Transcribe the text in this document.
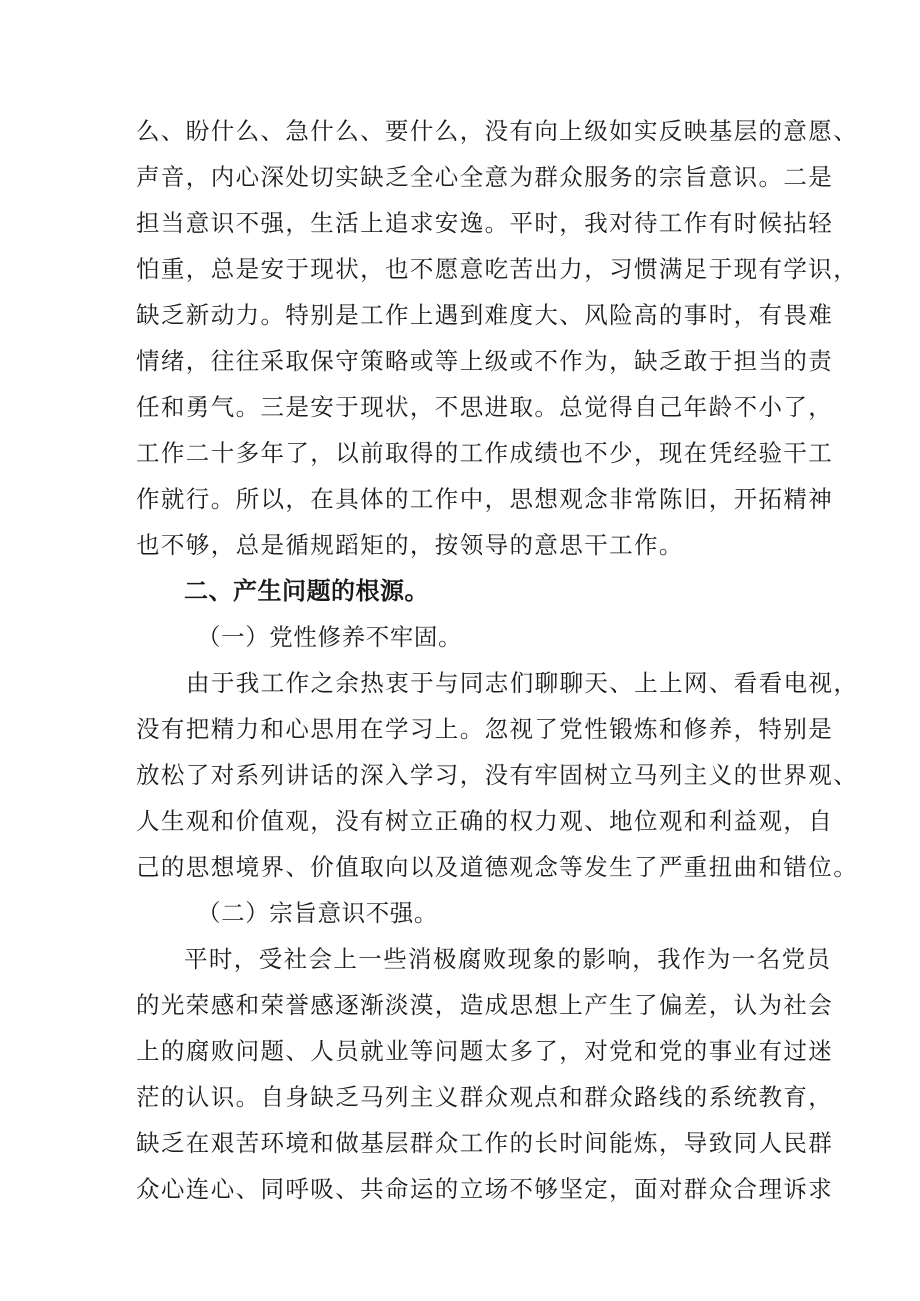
么、盼什么、急什么、要什么，没有向上级如实反映基层的意愿、
声音，内心深处切实缺乏全心全意为群众服务的宗旨意识。二是
担当意识不强，生活上追求安逸。平时，我对待工作有时候拈轻
怕重，总是安于现状，也不愿意吃苦出力，习惯满足于现有学识，
缺乏新动力。特别是工作上遇到难度大、风险高的事时，有畏难
情绪，往往采取保守策略或等上级或不作为，缺乏敢于担当的责
任和勇气。三是安于现状，不思进取。总觉得自己年龄不小了，
工作二十多年了，以前取得的工作成绩也不少，现在凭经验干工
作就行。所以，在具体的工作中，思想观念非常陈旧，开拓精神
也不够，总是循规蹈矩的，按领导的意思干工作。
二、产生问题的根源。
（一）党性修养不牢固。
由于我工作之余热衷于与同志们聊聊天、上上网、看看电视，
没有把精力和心思用在学习上。忽视了党性锻炼和修养，特别是
放松了对系列讲话的深入学习，没有牢固树立马列主义的世界观、
人生观和价值观，没有树立正确的权力观、地位观和利益观，自
己的思想境界、价值取向以及道德观念等发生了严重扭曲和错位。
（二）宗旨意识不强。
平时，受社会上一些消极腐败现象的影响，我作为一名党员
的光荣感和荣誉感逐渐淡漠，造成思想上产生了偏差，认为社会
上的腐败问题、人员就业等问题太多了，对党和党的事业有过迷
茫的认识。自身缺乏马列主义群众观点和群众路线的系统教育，
缺乏在艰苦环境和做基层群众工作的长时间能炼，导致同人民群
众心连心、同呼吸、共命运的立场不够坚定，面对群众合理诉求
